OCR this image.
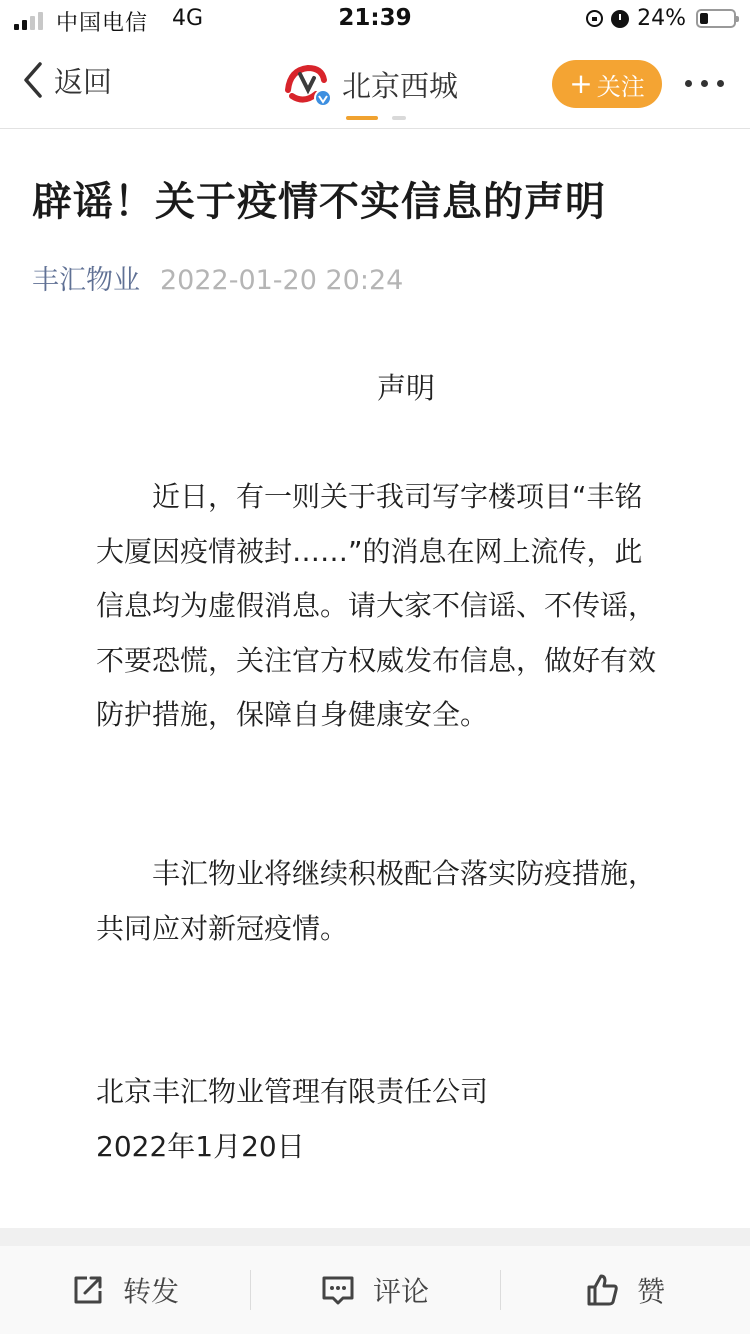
中国电信 4G	21:39	24%
返回	北京西城	+ 关注
辟谣！关于疫情不实信息的声明
丰汇物业 2022-01-20 20:24
声明
近日，有一则关于我司写字楼项目“丰铭大厦因疫情被封……”的消息在网上流传，此信息均为虚假消息。请大家不信谣、不传谣，不要恐慌，关注官方权威发布信息，做好有效防护措施，保障自身健康安全。
丰汇物业将继续积极配合落实防疫措施，共同应对新冠疫情。
北京丰汇物业管理有限责任公司
2022年1月20日
转发	评论	赞
